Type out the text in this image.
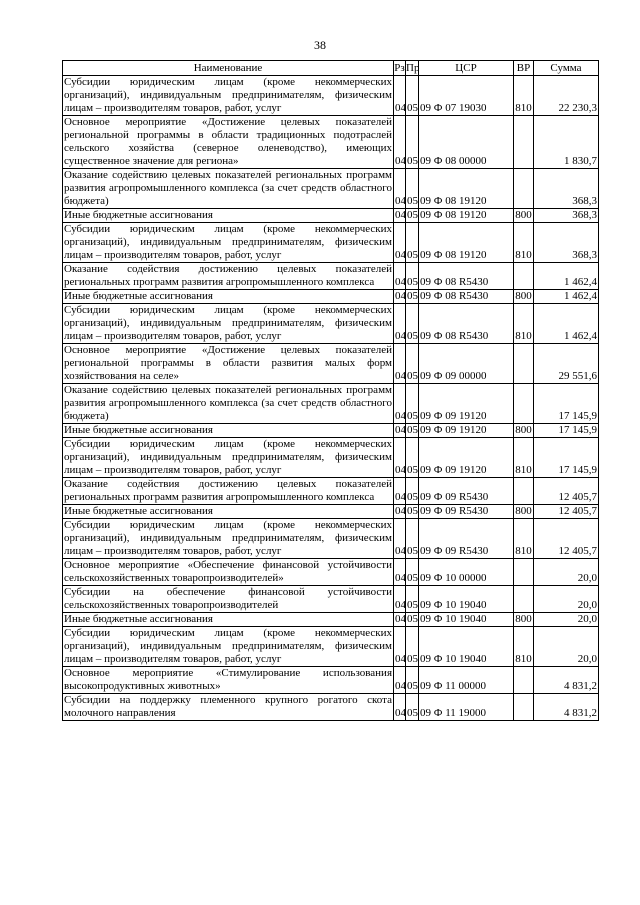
38
Наименование	Рз	Пр	ЦСР	ВР	Сумма
Субсидии юридическим лицам (кроме некоммерческих организаций), индивидуальным предпринимателям, физическим лицам – производителям товаров, работ, услуг	04	05	09 Ф 07 19030	810	22 230,3
Основное мероприятие «Достижение целевых показателей региональной программы в области традиционных подотраслей сельского хозяйства (северное оленеводство), имеющих существенное значение для региона»	04	05	09 Ф 08 00000		1 830,7
Оказание содействию целевых показателей региональных программ развития агропромышленного комплекса (за счет средств областного бюджета)	04	05	09 Ф 08 19120		368,3
Иные бюджетные ассигнования	04	05	09 Ф 08 19120	800	368,3
Субсидии юридическим лицам (кроме некоммерческих организаций), индивидуальным предпринимателям, физическим лицам – производителям товаров, работ, услуг	04	05	09 Ф 08 19120	810	368,3
Оказание содействия достижению целевых показателей региональных программ развития агропромышленного комплекса	04	05	09 Ф 08 R5430		1 462,4
Иные бюджетные ассигнования	04	05	09 Ф 08 R5430	800	1 462,4
Субсидии юридическим лицам (кроме некоммерческих организаций), индивидуальным предпринимателям, физическим лицам – производителям товаров, работ, услуг	04	05	09 Ф 08 R5430	810	1 462,4
Основное мероприятие «Достижение целевых показателей региональной программы в области развития малых форм хозяйствования на селе»	04	05	09 Ф 09 00000		29 551,6
Оказание содействию целевых показателей региональных программ развития агропромышленного комплекса (за счет средств областного бюджета)	04	05	09 Ф 09 19120		17 145,9
Иные бюджетные ассигнования	04	05	09 Ф 09 19120	800	17 145,9
Субсидии юридическим лицам (кроме некоммерческих организаций), индивидуальным предпринимателям, физическим лицам – производителям товаров, работ, услуг	04	05	09 Ф 09 19120	810	17 145,9
Оказание содействия достижению целевых показателей региональных программ развития агропромышленного комплекса	04	05	09 Ф 09 R5430		12 405,7
Иные бюджетные ассигнования	04	05	09 Ф 09 R5430	800	12 405,7
Субсидии юридическим лицам (кроме некоммерческих организаций), индивидуальным предпринимателям, физическим лицам – производителям товаров, работ, услуг	04	05	09 Ф 09 R5430	810	12 405,7
Основное мероприятие «Обеспечение финансовой устойчивости сельскохозяйственных товаропроизводителей»	04	05	09 Ф 10 00000		20,0
Субсидии на обеспечение финансовой устойчивости сельскохозяйственных товаропроизводителей	04	05	09 Ф 10 19040		20,0
Иные бюджетные ассигнования	04	05	09 Ф 10 19040	800	20,0
Субсидии юридическим лицам (кроме некоммерческих организаций), индивидуальным предпринимателям, физическим лицам – производителям товаров, работ, услуг	04	05	09 Ф 10 19040	810	20,0
Основное мероприятие «Стимулирование использования высокопродуктивных животных»	04	05	09 Ф 11 00000		4 831,2
Субсидии на поддержку племенного крупного рогатого скота молочного направления	04	05	09 Ф 11 19000		4 831,2
